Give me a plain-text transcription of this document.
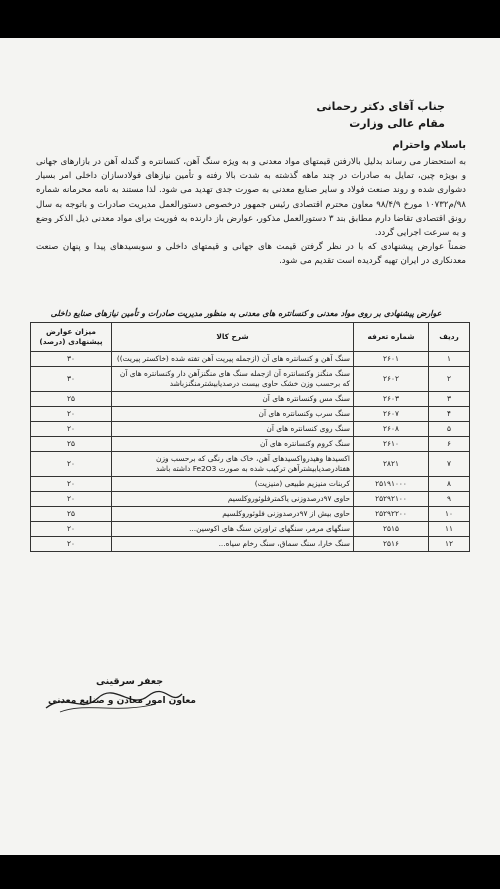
جناب آقای دکتر رحمانی
مقام عالی وزارت
باسلام واحترام

به استحضار می رساند بدلیل بالارفتن قیمتهای مواد معدنی و به ویژه سنگ آهن، کنسانتره و گندله آهن در بازارهای جهانی و بویژه چین، تمایل به صادرات در چند ماهه گذشته به شدت بالا رفته و تأمین نیازهای فولادسازان داخلی امر بسیار دشواری شده و روند صنعت فولاد و سایر صنایع معدنی به صورت جدی تهدید می شود. لذا مستند به نامه محرمانه شماره ۹۸/م۱۰۷۳۲ مورخ ۹۸/۴/۹ معاون محترم اقتصادی رئیس جمهور درخصوص دستورالعمل مدیریت صادرات و باتوجه به سال رونق اقتصادی تقاضا دارم مطابق بند ۳ دستورالعمل مذکور، عوارض باز دارنده به فوریت برای مواد معدنی ذیل الذکر وضع و به سرعت اجرایی گردد.

ضمناً عوارض پیشنهادی که با در نظر گرفتن قیمت های جهانی و قیمتهای داخلی و سوبسیدهای پیدا و پنهان صنعت معدنکاری در ایران تهیه گردیده است تقدیم می شود.

عوارض پیشنهادی بر روی مواد معدنی و کنسانتره های معدنی به منظور مدیریت صادرات و تأمین نیازهای صنایع داخلی
ردیف	شماره تعرفه	شرح کالا	میزان عوارض پیشنهادی (درصد)
۱	۲۶۰۱	سنگ آهن و کنسانتره های آن (ازجمله پیریت آهن تفته شده (خاکستر پیریت))	۳۰
۲	۲۶۰۲	سنگ منگنز وکنسانتره آن ازجمله سنگ های منگنزآهن دار وکنسانتره های آن که برحسب وزن خشک حاوی بیست درصدیابیشترمنگنزباشد	۳۰
۳	۲۶۰۳	سنگ مس وکنسانتره های آن	۲۵
۴	۲۶۰۷	سنگ سرب وکنسانتره های آن	۲۰
۵	۲۶۰۸	سنگ روی کنسانتره های آن	۲۰
۶	۲۶۱۰	سنگ کروم وکنسانتره های آن	۲۵
۷	۲۸۲۱	اکسیدها وهیدرواکسیدهای آهن، خاک های رنگی که برحسب وزن هفتادرصدیابیشترآهن ترکیب شده به صورت Fe2O3 داشته باشد	۲۰
۸	۲۵۱۹۱۰۰۰	کربنات منیزیم طبیعی (منیزیت)	۲۰
۹	۲۵۲۹۲۱۰۰	حاوی ۹۷درصدوزنی یاکمترفلوئوروکلسیم	۲۰
۱۰	۲۵۲۹۲۲۰۰	حاوی بیش از ۹۷درصدوزنی فلوئوروکلسیم	۲۵
۱۱	۲۵۱۵	سنگهای مرمر، سنگهای تراورتن سنگ های اکوسین...	۲۰
۱۲	۲۵۱۶	سنگ خارا، سنگ سماق، سنگ رخام سیاه...	۲۰
جعفر سرقینی
معاون امور معادن و صنایع معدنی
